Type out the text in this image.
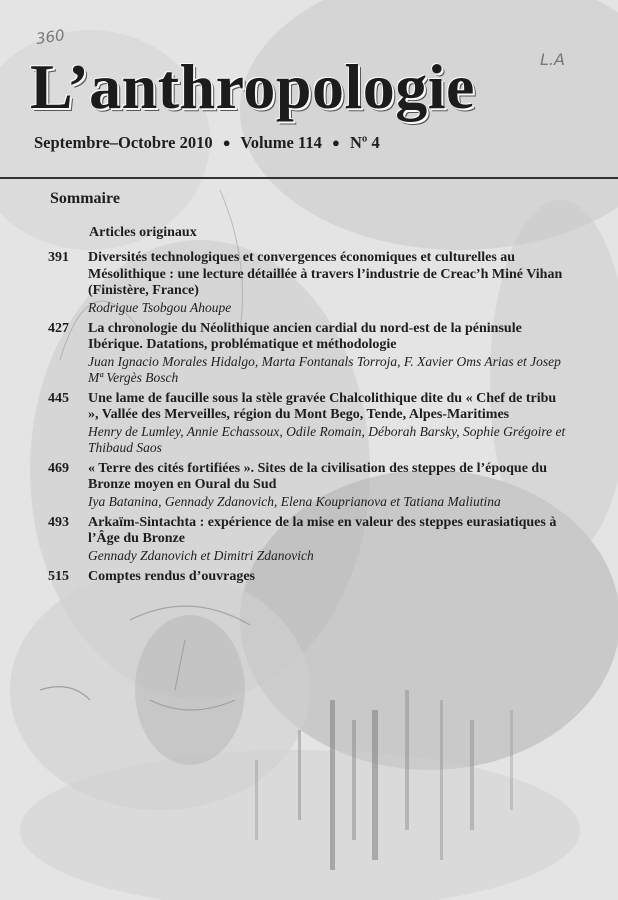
360
L.A
L’anthropologie
Septembre–Octobre 2010 ● Volume 114 ● Nº 4
Sommaire
Articles originaux
391 Diversités technologiques et convergences économiques et culturelles au Mésolithique : une lecture détaillée à travers l’industrie de Creac’h Miné Vihan (Finistère, France)
Rodrigue Tsobgou Ahoupe
427 La chronologie du Néolithique ancien cardial du nord-est de la péninsule Ibérique. Datations, problématique et méthodologie
Juan Ignacio Morales Hidalgo, Marta Fontanals Torroja, F. Xavier Oms Arias et Josep Mª Vergès Bosch
445 Une lame de faucille sous la stèle gravée Chalcolithique dite du « Chef de tribu », Vallée des Merveilles, région du Mont Bego, Tende, Alpes-Maritimes
Henry de Lumley, Annie Echassoux, Odile Romain, Déborah Barsky, Sophie Grégoire et Thibaud Saos
469 « Terre des cités fortifiées ». Sites de la civilisation des steppes de l’époque du Bronze moyen en Oural du Sud
Iya Batanina, Gennady Zdanovich, Elena Kouprianova et Tatiana Maliutina
493 Arkaïm-Sintachta : expérience de la mise en valeur des steppes eurasiatiques à l’Âge du Bronze
Gennady Zdanovich et Dimitri Zdanovich
515 Comptes rendus d’ouvrages
